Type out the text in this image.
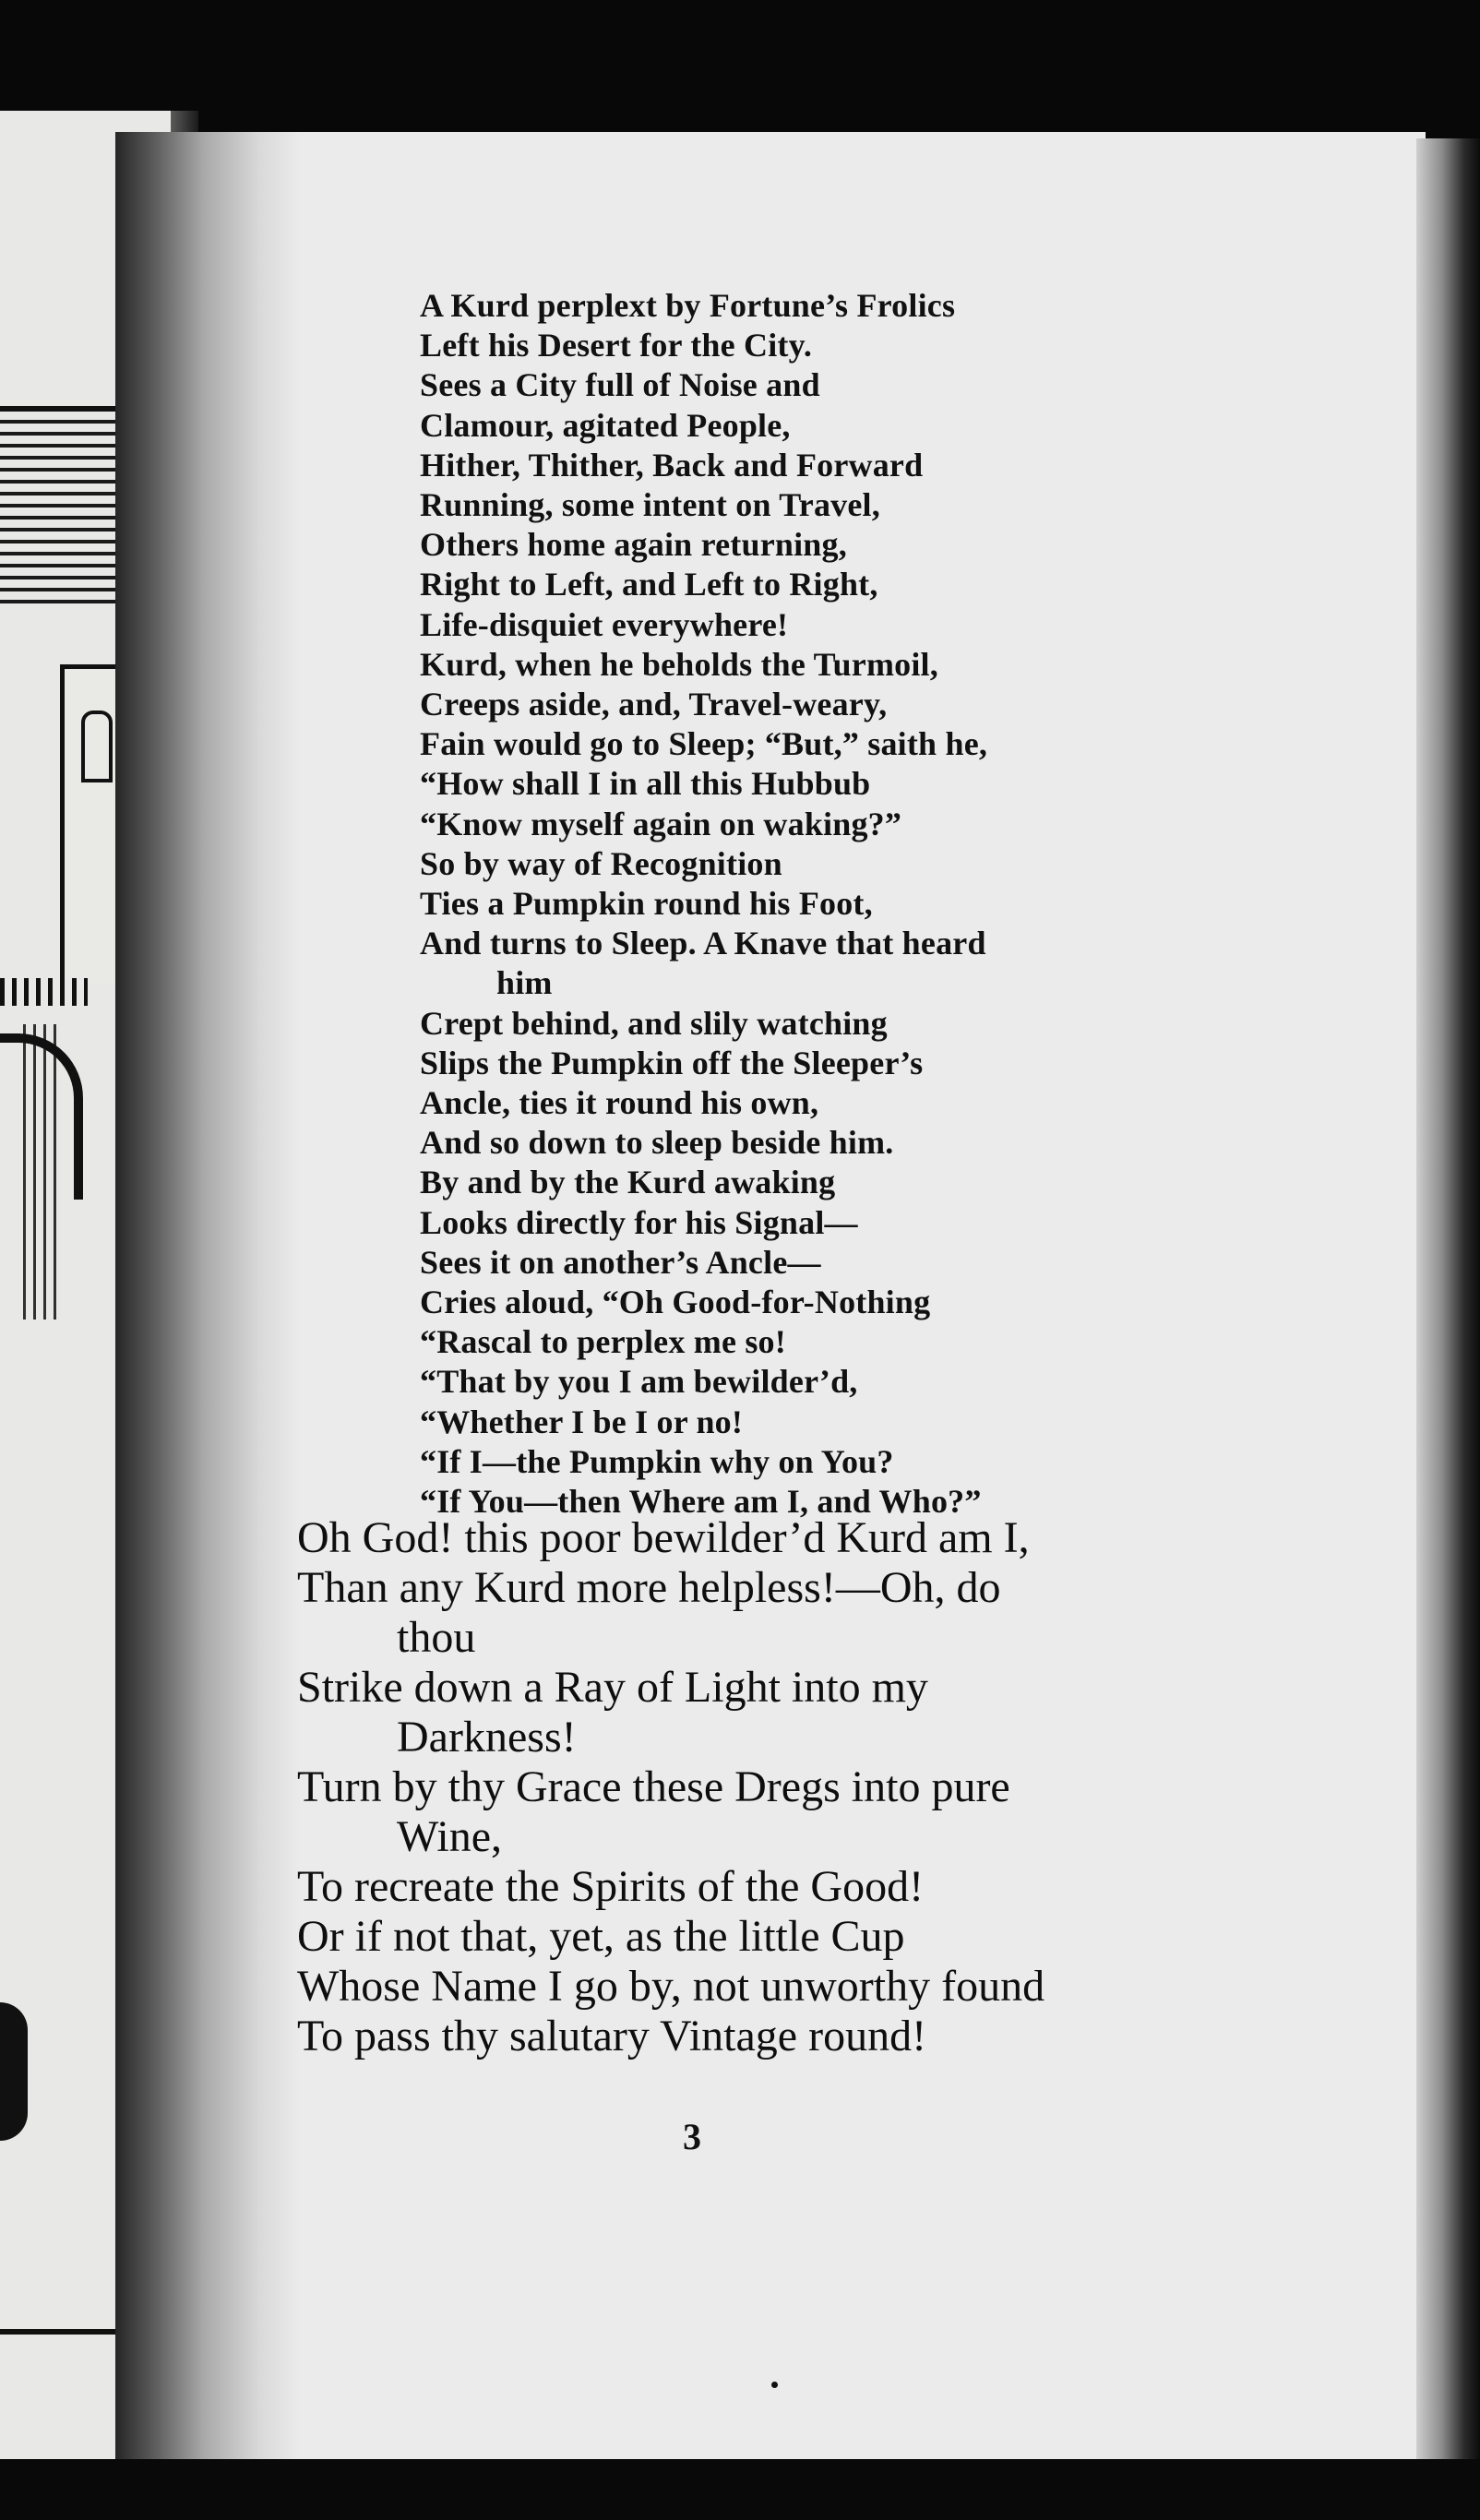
A Kurd perplext by Fortune’s Frolics
Left his Desert for the City.
Sees a City full of Noise and
Clamour, agitated People,
Hither, Thither, Back and Forward
Running, some intent on Travel,
Others home again returning,
Right to Left, and Left to Right,
Life-disquiet everywhere!
Kurd, when he beholds the Turmoil,
Creeps aside, and, Travel-weary,
Fain would go to Sleep; “But,” saith he,
“How shall I in all this Hubbub
“Know myself again on waking?”
So by way of Recognition
Ties a Pumpkin round his Foot,
And turns to Sleep. A Knave that heard
him
Crept behind, and slily watching
Slips the Pumpkin off the Sleeper’s
Ancle, ties it round his own,
And so down to sleep beside him.
By and by the Kurd awaking
Looks directly for his Signal—
Sees it on another’s Ancle—
Cries aloud, “Oh Good-for-Nothing
“Rascal to perplex me so!
“That by you I am bewilder’d,
“Whether I be I or no!
“If I—the Pumpkin why on You?
“If You—then Where am I, and Who?”
Oh God! this poor bewilder’d Kurd am I,
Than any Kurd more helpless!—Oh, do
thou
Strike down a Ray of Light into my
Darkness!
Turn by thy Grace these Dregs into pure
Wine,
To recreate the Spirits of the Good!
Or if not that, yet, as the little Cup
Whose Name I go by, not unworthy found
To pass thy salutary Vintage round!
3
